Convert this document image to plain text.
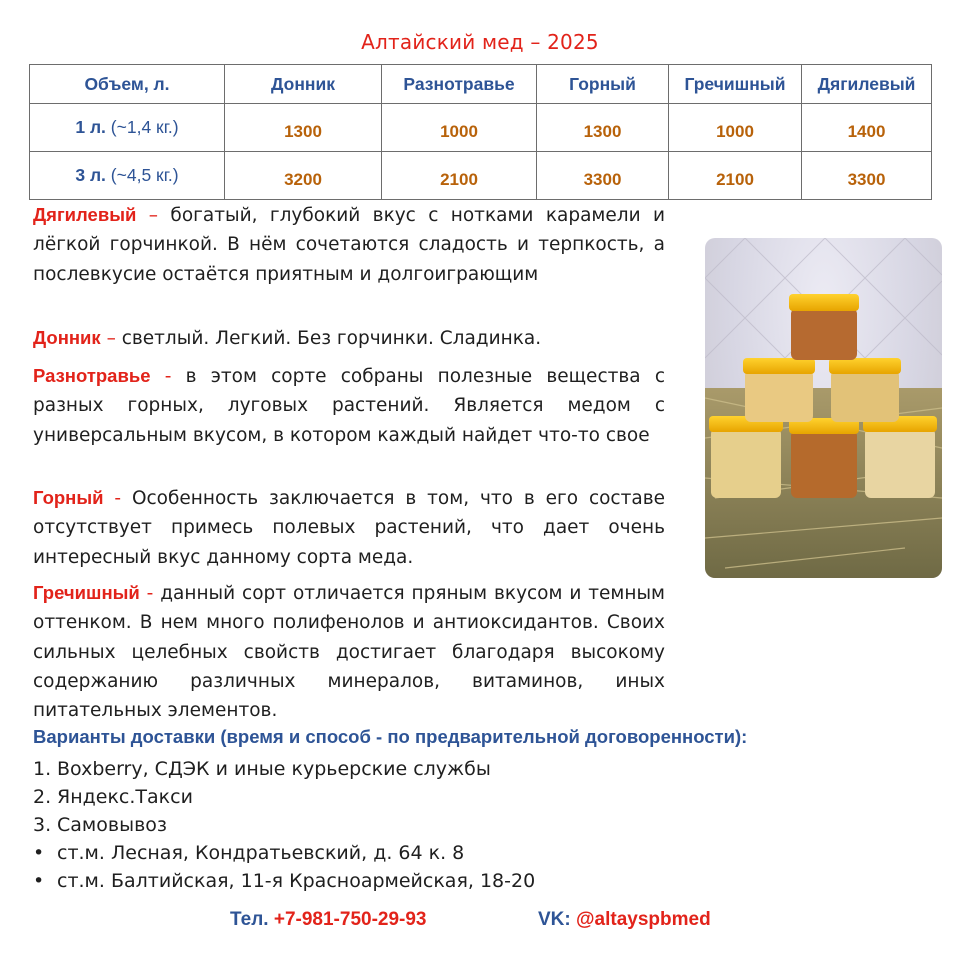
Алтайский мед – 2025
Объем, л.	Донник	Разнотравье	Горный	Гречишный	Дягилевый
1 л. (~1,4 кг.)	1300	1000	1300	1000	1400
3 л. (~4,5 кг.)	3200	2100	3300	2100	3300

Дягилевый – богатый, глубокий вкус с нотками карамели и лёгкой горчинкой. В нём сочетаются сладость и терпкость, а послевкусие остаётся приятным и долгоиграющим

Донник – светлый. Легкий. Без горчинки. Сладинка.

Разнотравье - в этом сорте собраны полезные вещества с разных горных, луговых растений. Является медом с универсальным вкусом, в котором каждый найдет что-то свое

Горный - Особенность заключается в том, что в его составе отсутствует примесь полевых растений, что дает очень интересный вкус данному сорта меда.

Гречишный - данный сорт отличается пряным вкусом и темным оттенком. В нем много полифенолов и антиоксидантов. Своих сильных целебных свойств достигает благодаря высокому содержанию различных минералов, витаминов, иных питательных элементов.

Варианты доставки (время и способ - по предварительной договоренности):
1. Boxberry, СДЭК и иные курьерские службы
2. Яндекс.Такси
3. Самовывоз
• ст.м. Лесная, Кондратьевский, д. 64 к. 8
• ст.м. Балтийская, 11-я Красноармейская, 18-20
Тел. +7-981-750-29-93	VK: @altayspbmed
